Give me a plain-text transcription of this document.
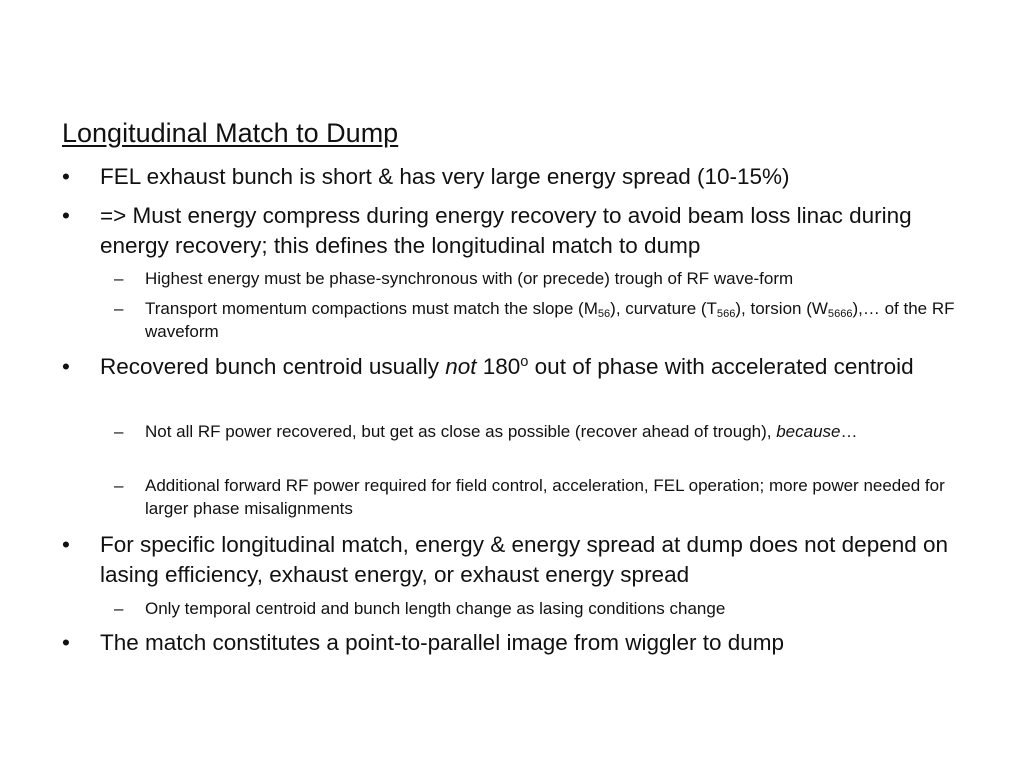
Longitudinal Match to Dump
•	FEL exhaust bunch is short & has very large energy spread (10-15%)
•	=> Must energy compress during energy recovery to avoid beam loss linac during energy recovery; this defines the longitudinal match to dump
–	Highest energy must be phase-synchronous with (or precede) trough of RF wave-form
–	Transport momentum compactions must match the slope $(M_{56})$, curvature $(T_{566})$, torsion $(W_{5666}),\dots$ of the RF waveform
•	Recovered bunch centroid usually not 180$^o$ out of phase with accelerated centroid
–	Not all RF power recovered, but get as close as possible (recover ahead of trough), because…
–	Additional forward RF power required for field control, acceleration, FEL operation; more power needed for larger phase misalignments
•	For specific longitudinal match, energy & energy spread at dump does not depend on lasing efficiency, exhaust energy, or exhaust energy spread
–	Only temporal centroid and bunch length change as lasing conditions change
•	The match constitutes a point-to-parallel image from wiggler to dump
